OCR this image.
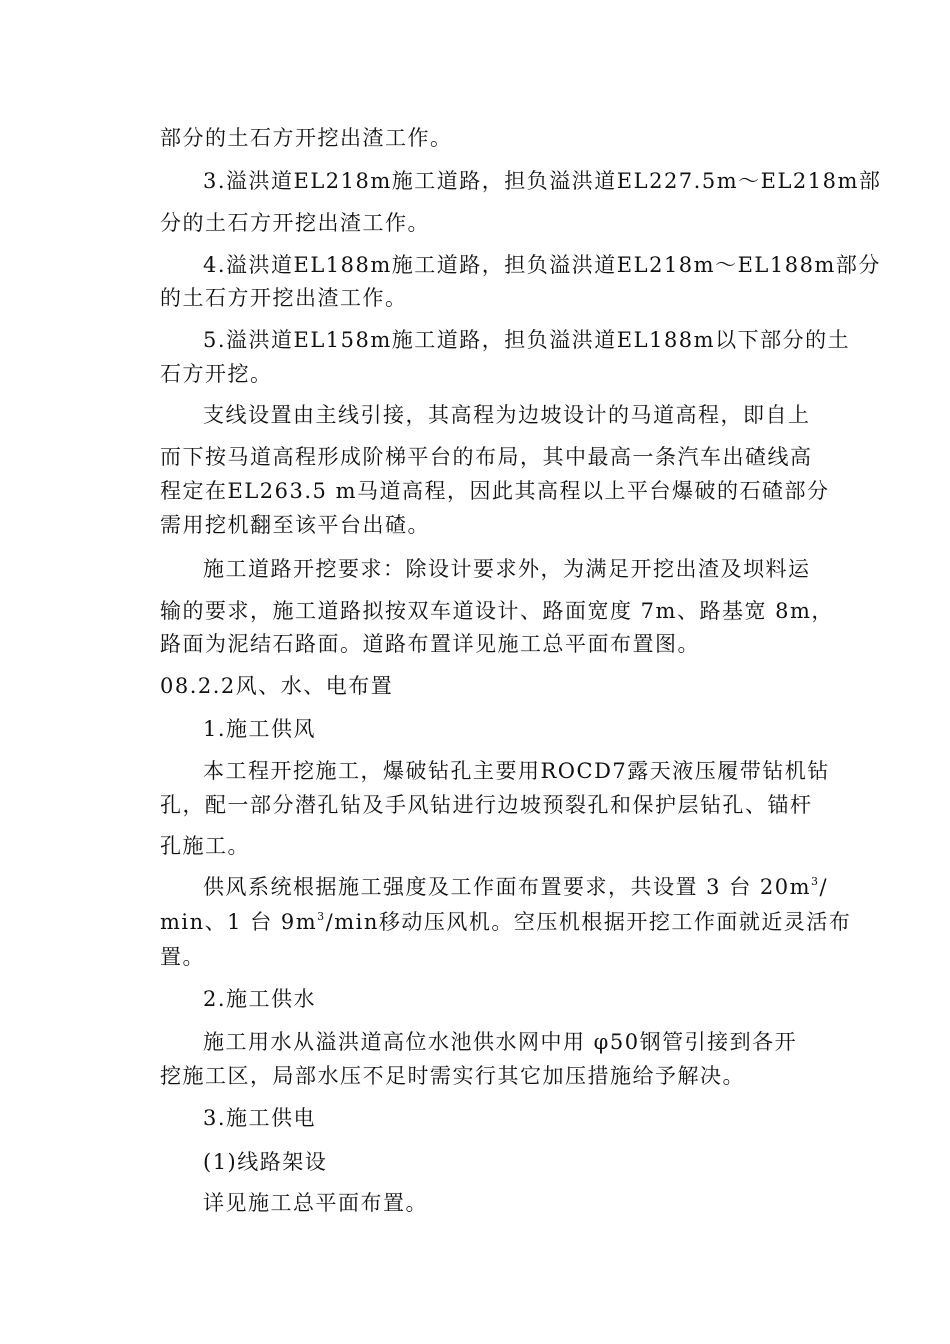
部分的土石方开挖出渣工作。
3.溢洪道EL218m施工道路，担负溢洪道EL227.5m～EL218m部
分的土石方开挖出渣工作。
4.溢洪道EL188m施工道路，担负溢洪道EL218m～EL188m部分
的土石方开挖出渣工作。
5.溢洪道EL158m施工道路，担负溢洪道EL188m以下部分的土
石方开挖。
支线设置由主线引接，其高程为边坡设计的马道高程，即自上
而下按马道高程形成阶梯平台的布局，其中最高一条汽车出碴线高
程定在EL263.5 m马道高程，因此其高程以上平台爆破的石碴部分
需用挖机翻至该平台出碴。
施工道路开挖要求：除设计要求外，为满足开挖出渣及坝料运
输的要求，施工道路拟按双车道设计、路面宽度 7m、路基宽 8m，
路面为泥结石路面。道路布置详见施工总平面布置图。
08.2.2风、水、电布置
1.施工供风
本工程开挖施工，爆破钻孔主要用ROCD7露天液压履带钻机钻
孔，配一部分潜孔钻及手风钻进行边坡预裂孔和保护层钻孔、锚杆
孔施工。
供风系统根据施工强度及工作面布置要求，共设置 3 台 $20m^3/$
min、1 台 $9m^3/\min$移动压风机。空压机根据开挖工作面就近灵活布
置。
2.施工供水
施工用水从溢洪道高位水池供水网中用 φ50钢管引接到各开
挖施工区，局部水压不足时需实行其它加压措施给予解决。
3.施工供电
(1)线路架设
详见施工总平面布置。
